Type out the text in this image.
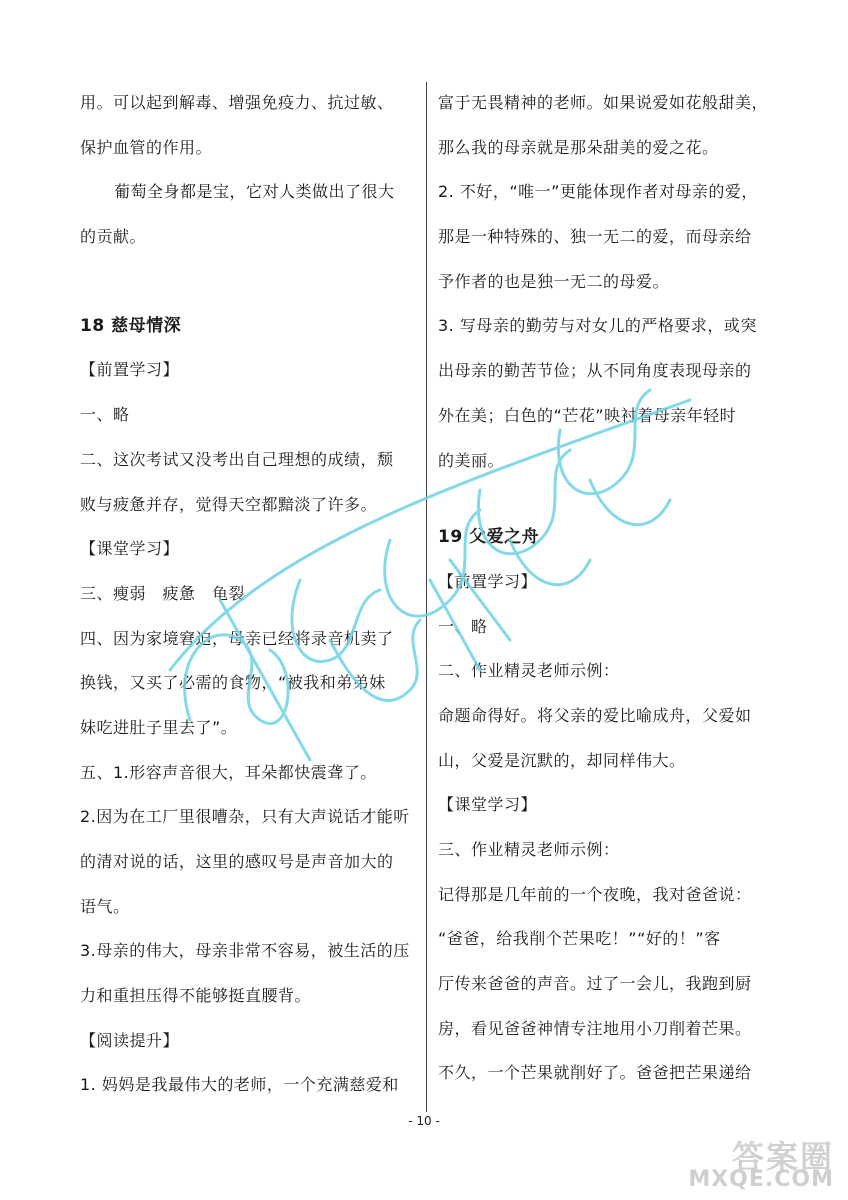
用。可以起到解毒、增强免疫力、抗过敏、
保护血管的作用。
葡萄全身都是宝，它对人类做出了很大
的贡献。
18 慈母情深
【前置学习】
一、略
二、这次考试又没考出自己理想的成绩，颓
败与疲惫并存，觉得天空都黯淡了许多。
【课堂学习】
三、瘦弱　疲惫　龟裂
四、因为家境窘迫，母亲已经将录音机卖了
换钱，又买了必需的食物，“被我和弟弟妹
妹吃进肚子里去了”。
五、1.形容声音很大，耳朵都快震聋了。
2.因为在工厂里很嘈杂，只有大声说话才能听
的清对说的话，这里的感叹号是声音加大的
语气。
3.母亲的伟大，母亲非常不容易，被生活的压
力和重担压得不能够挺直腰背。
【阅读提升】
1. 妈妈是我最伟大的老师，一个充满慈爱和
富于无畏精神的老师。如果说爱如花般甜美，
那么我的母亲就是那朵甜美的爱之花。
2. 不好，“唯一”更能体现作者对母亲的爱，
那是一种特殊的、独一无二的爱，而母亲给
予作者的也是独一无二的母爱。
3. 写母亲的勤劳与对女儿的严格要求，或突
出母亲的勤苦节俭；从不同角度表现母亲的
外在美；白色的“芒花”映衬着母亲年轻时
的美丽。
19 父爱之舟
【前置学习】
一、略
二、作业精灵老师示例：
命题命得好。将父亲的爱比喻成舟，父爱如
山，父爱是沉默的，却同样伟大。
【课堂学习】
三、作业精灵老师示例：
记得那是几年前的一个夜晚，我对爸爸说：
“爸爸，给我削个芒果吃！”“好的！”客
厅传来爸爸的声音。过了一会儿，我跑到厨
房，看见爸爸神情专注地用小刀削着芒果。
不久，一个芒果就削好了。爸爸把芒果递给
- 10 -
答案圈
MXQE.COM
